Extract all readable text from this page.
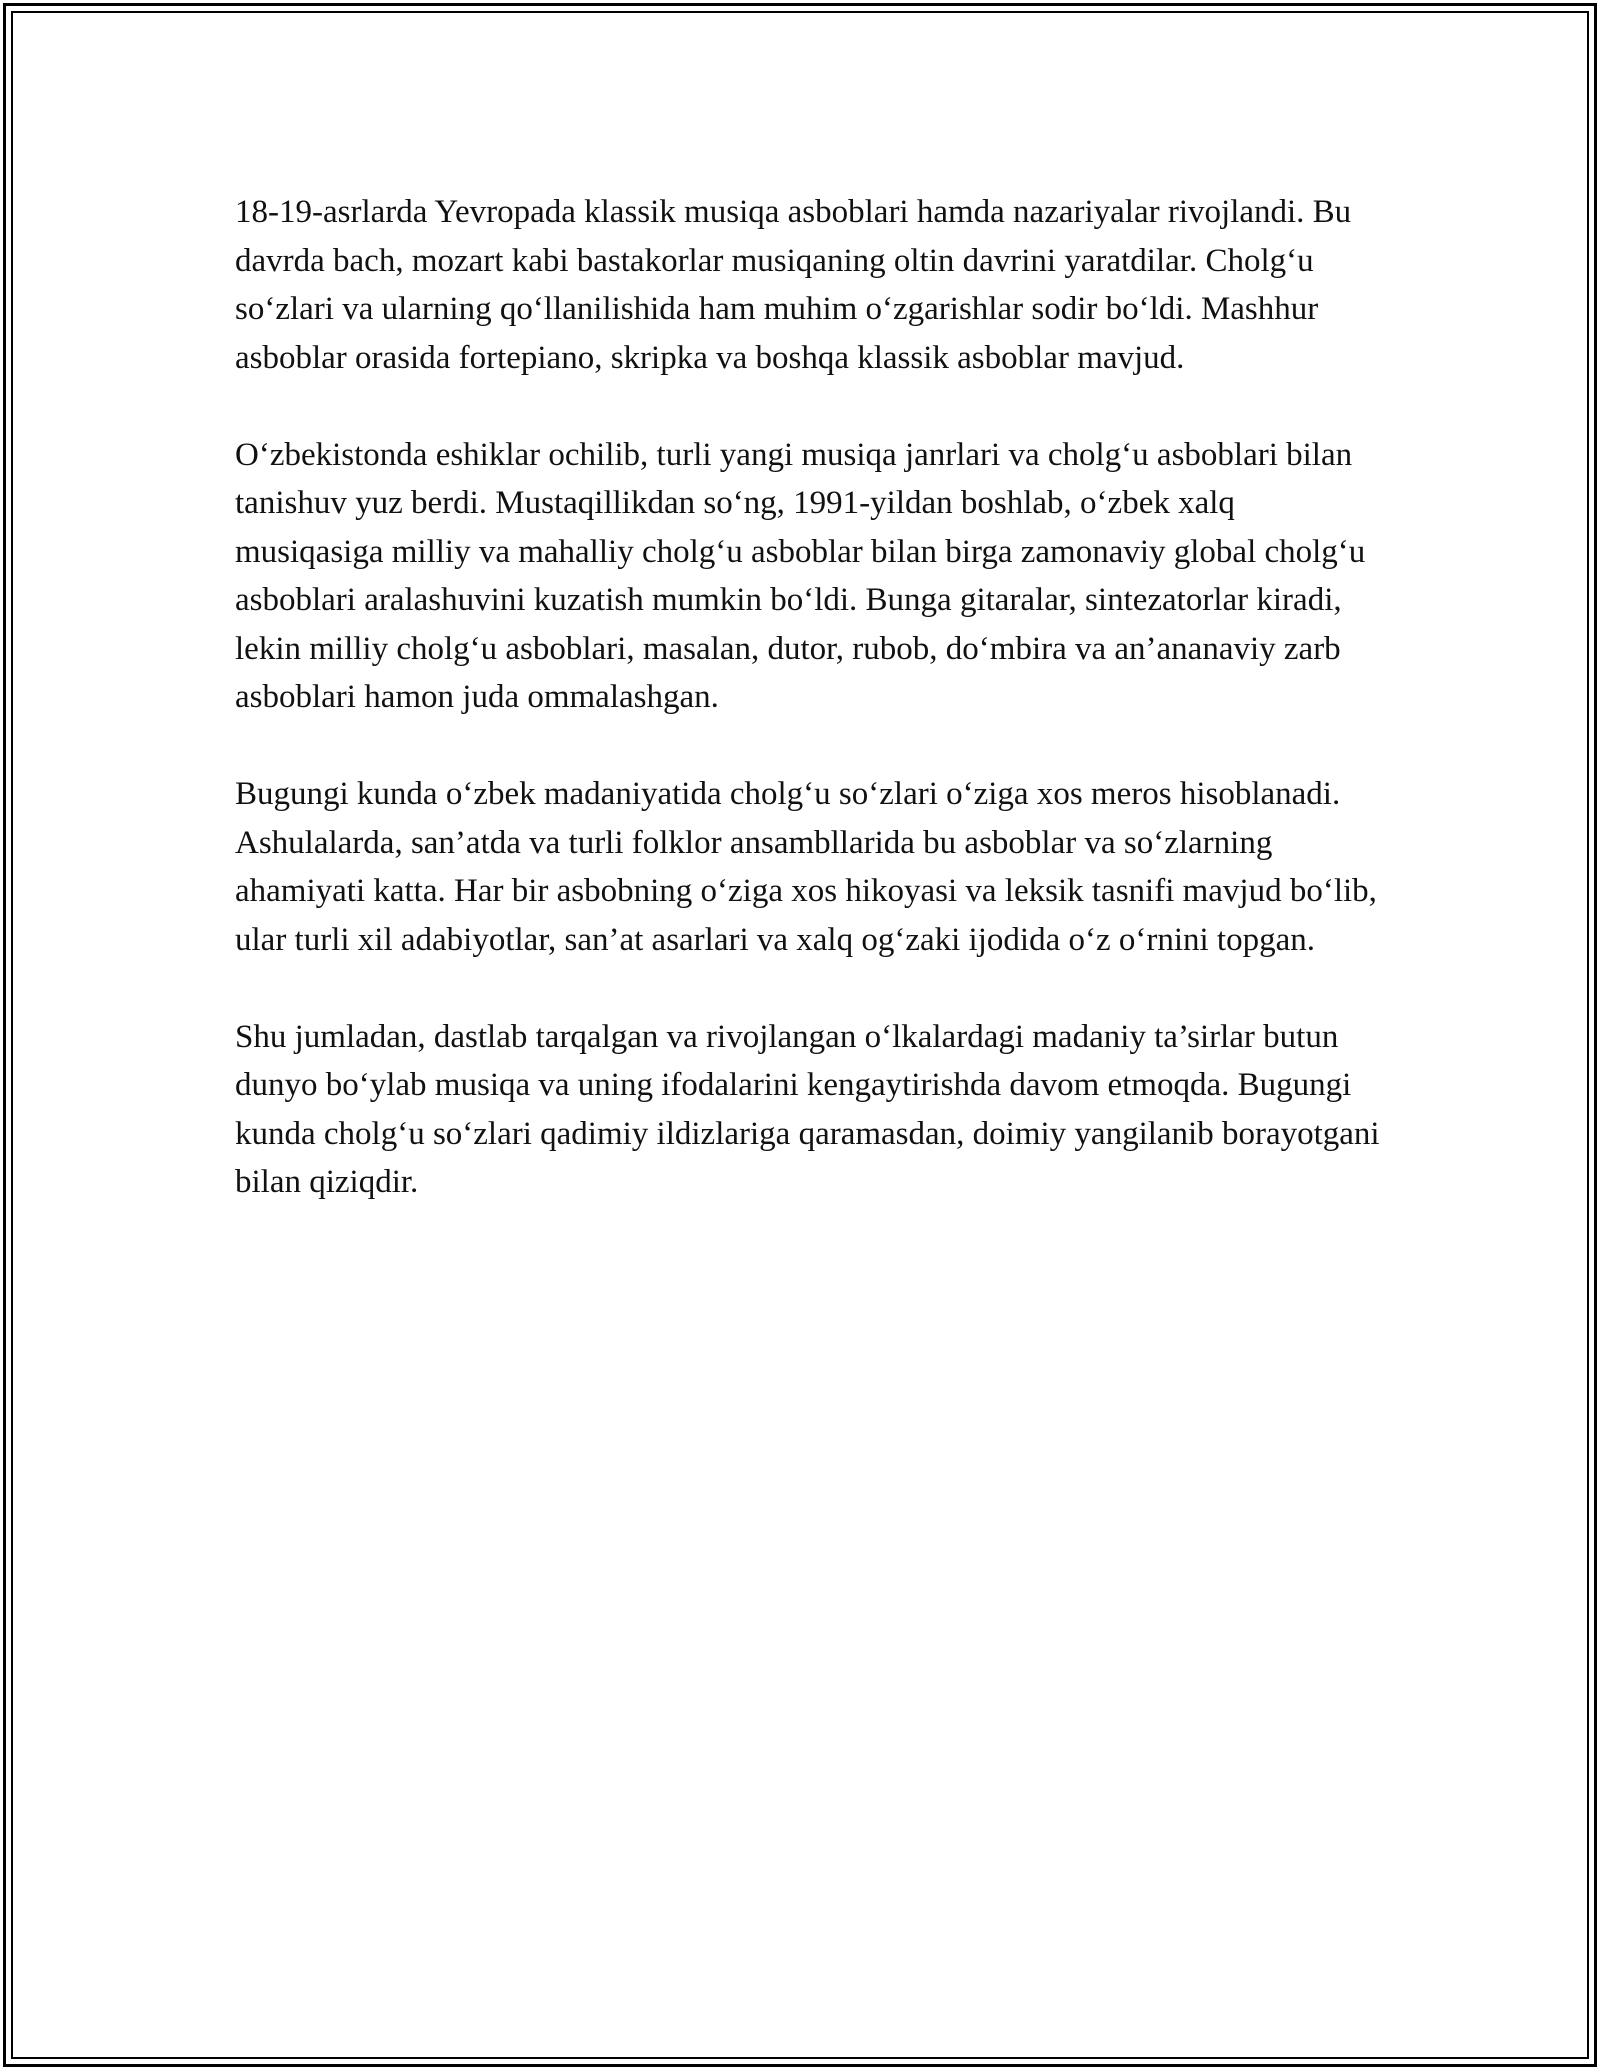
18-19-asrlarda Yevropada klassik musiqa asboblari hamda nazariyalar rivojlandi. Bu davrda bach, mozart kabi bastakorlar musiqaning oltin davrini yaratdilar. Cholg‘u so‘zlari va ularning qo‘llanilishida ham muhim o‘zgarishlar sodir bo‘ldi. Mashhur asboblar orasida fortepiano, skripka va boshqa klassik asboblar mavjud.

O‘zbekistonda eshiklar ochilib, turli yangi musiqa janrlari va cholg‘u asboblari bilan tanishuv yuz berdi. Mustaqillikdan so‘ng, 1991-yildan boshlab, o‘zbek xalq musiqasiga milliy va mahalliy cholg‘u asboblar bilan birga zamonaviy global cholg‘u asboblari aralashuvini kuzatish mumkin bo‘ldi. Bunga gitaralar, sintezatorlar kiradi, lekin milliy cholg‘u asboblari, masalan, dutor, rubob, do‘mbira va an’ananaviy zarb asboblari hamon juda ommalashgan.

Bugungi kunda o‘zbek madaniyatida cholg‘u so‘zlari o‘ziga xos meros hisoblanadi. Ashulalarda, san’atda va turli folklor ansambllarida bu asboblar va so‘zlarning ahamiyati katta. Har bir asbobning o‘ziga xos hikoyasi va leksik tasnifi mavjud bo‘lib, ular turli xil adabiyotlar, san’at asarlari va xalq og‘zaki ijodida o‘z o‘rnini topgan.

Shu jumladan, dastlab tarqalgan va rivojlangan o‘lkalardagi madaniy ta’sirlar butun dunyo bo‘ylab musiqa va uning ifodalarini kengaytirishda davom etmoqda. Bugungi kunda cholg‘u so‘zlari qadimiy ildizlariga qaramasdan, doimiy yangilanib borayotgani bilan qiziqdir.
